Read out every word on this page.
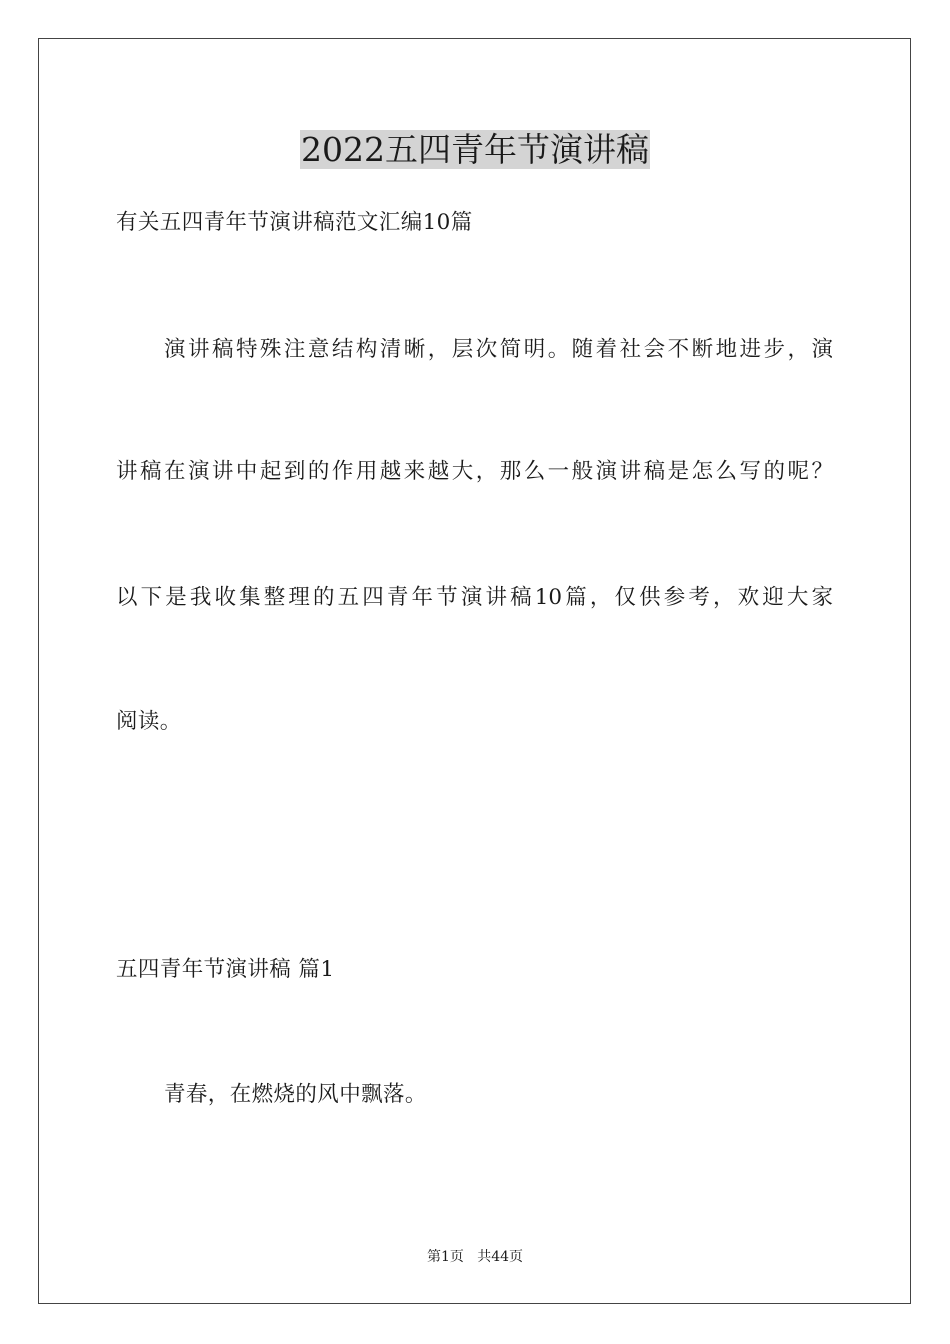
2022五四青年节演讲稿
有关五四青年节演讲稿范文汇编10篇
演讲稿特殊注意结构清晰，层次简明。随着社会不断地进步，演
讲稿在演讲中起到的作用越来越大，那么一般演讲稿是怎么写的呢？
以下是我收集整理的五四青年节演讲稿10篇，仅供参考，欢迎大家
阅读。
五四青年节演讲稿 篇1
青春，在燃烧的风中飘落。
第1页   共44页
